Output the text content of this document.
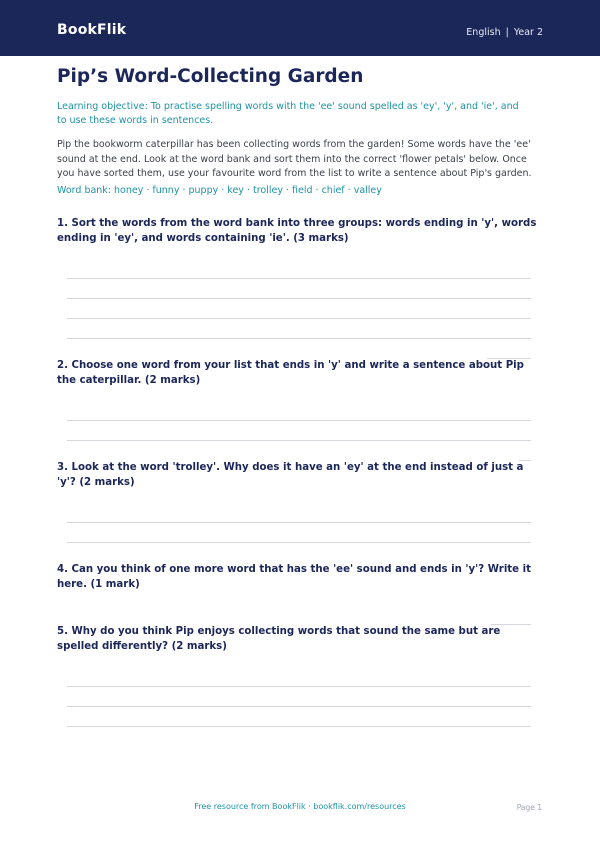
BookFlik	English | Year 2
Pip’s Word-Collecting Garden
Learning objective: To practise spelling words with the 'ee' sound spelled as 'ey', 'y', and 'ie', and to use these words in sentences.
Pip the bookworm caterpillar has been collecting words from the garden! Some words have the 'ee' sound at the end. Look at the word bank and sort them into the correct 'flower petals' below. Once you have sorted them, use your favourite word from the list to write a sentence about Pip's garden.
Word bank: honey · funny · puppy · key · trolley · field · chief · valley
1. Sort the words from the word bank into three groups: words ending in 'y', words ending in 'ey', and words containing 'ie'. (3 marks)
2. Choose one word from your list that ends in 'y' and write a sentence about Pip the caterpillar. (2 marks)
3. Look at the word 'trolley'. Why does it have an 'ey' at the end instead of just a 'y'? (2 marks)
4. Can you think of one more word that has the 'ee' sound and ends in 'y'? Write it here. (1 mark)
5. Why do you think Pip enjoys collecting words that sound the same but are spelled differently? (2 marks)
Free resource from BookFlik · bookflik.com/resources	Page 1
